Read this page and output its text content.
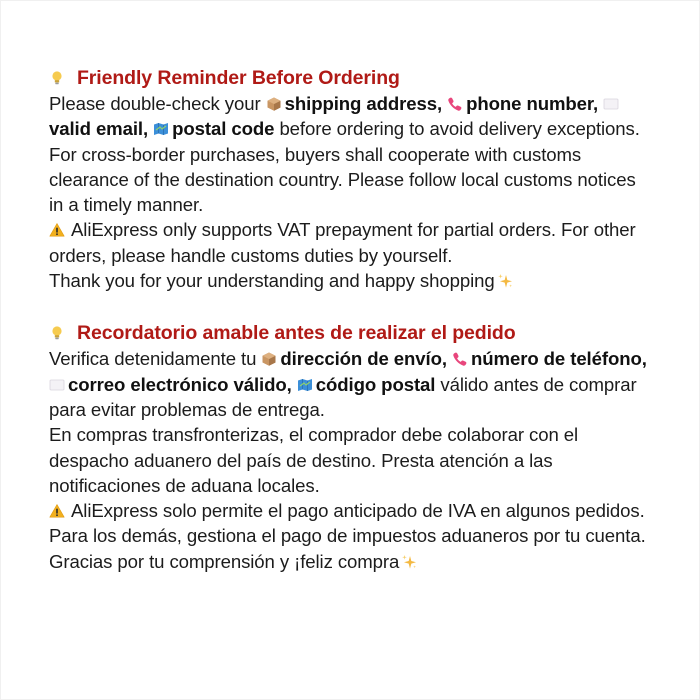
Friendly Reminder Before Ordering
Please double-check your
shipping address, phone number,
valid email, postal code before ordering to avoid delivery exceptions.
For cross-border purchases, buyers shall cooperate with customs clearance of the destination country. Please follow local customs notices in a timely manner.
AliExpress only supports VAT prepayment for partial orders. For other orders, please handle customs duties by yourself.
Thank you for your understanding and happy shopping
Recordatorio amable antes de realizar el pedido
Verifica detenidamente tu
dirección de envío, número de teléfono,
correo electrónico válido, código postal válido antes de comprar para evitar problemas de entrega.
En compras transfronterizas, el comprador debe colaborar con el despacho aduanero del país de destino. Presta atención a las notificaciones de aduana locales.
AliExpress solo permite el pago anticipado de IVA en algunos pedidos. Para los demás, gestiona el pago de impuestos aduaneros por tu cuenta.
Gracias por tu comprensión y ¡feliz compra
